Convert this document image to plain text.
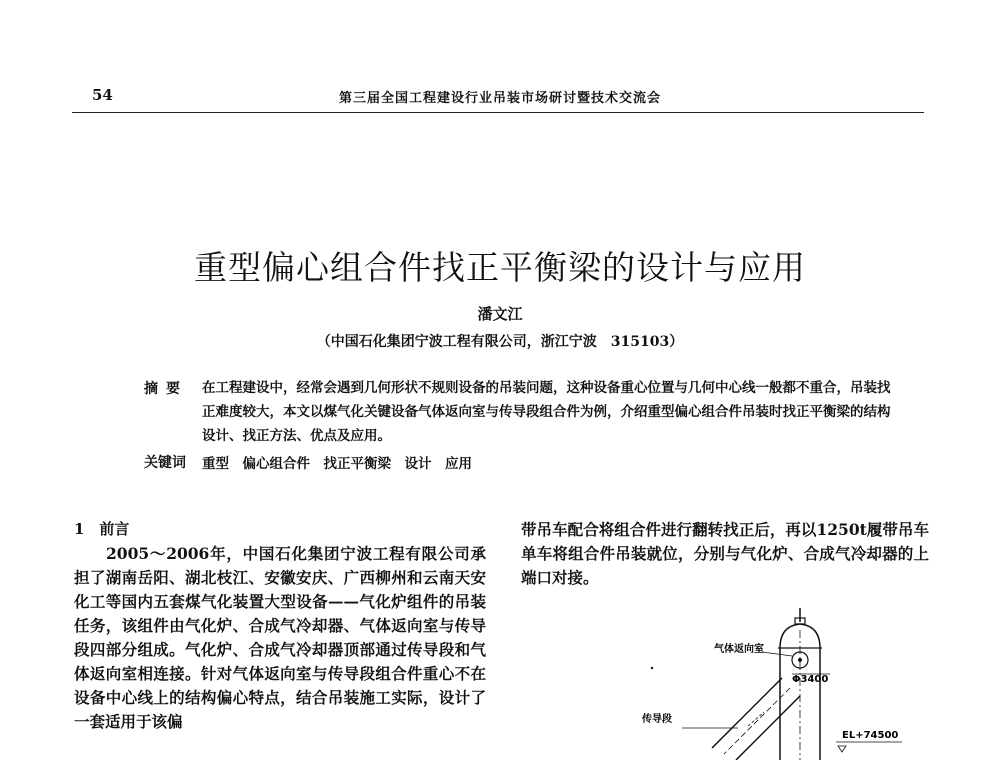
54	第三届全国工程建设行业吊装市场研讨暨技术交流会
重型偏心组合件找正平衡梁的设计与应用
潘文江
（中国石化集团宁波工程有限公司，浙江宁波　315103）
摘要 在工程建设中，经常会遇到几何形状不规则设备的吊装问题，这种设备重心位置与几何中心线一般都不重合，吊装找正难度较大，本文以煤气化关键设备气体返向室与传导段组合件为例，介绍重型偏心组合件吊装时找正平衡梁的结构设计、找正方法、优点及应用。
关键词 重型　偏心组合件　找正平衡梁　设计　应用
1　前言

2005～2006年，中国石化集团宁波工程有限公司承担了湖南岳阳、湖北枝江、安徽安庆、广西柳州和云南天安化工等国内五套煤气化装置大型设备——气化炉组件的吊装任务，该组件由气化炉、合成气冷却器、气体返向室与传导段四部分组成。气化炉、合成气冷却器顶部通过传导段和气体返向室相连接。针对气体返向室与传导段组合件重心不在设备中心线上的结构偏心特点，结合吊装施工实际，设计了一套适用于该偏

带吊车配合将组合件进行翻转找正后，再以1250t履带吊车单车将组合件吊装就位，分别与气化炉、合成气冷却器的上端口对接。

气体返向室
Φ3400
传导段
EL+74500
